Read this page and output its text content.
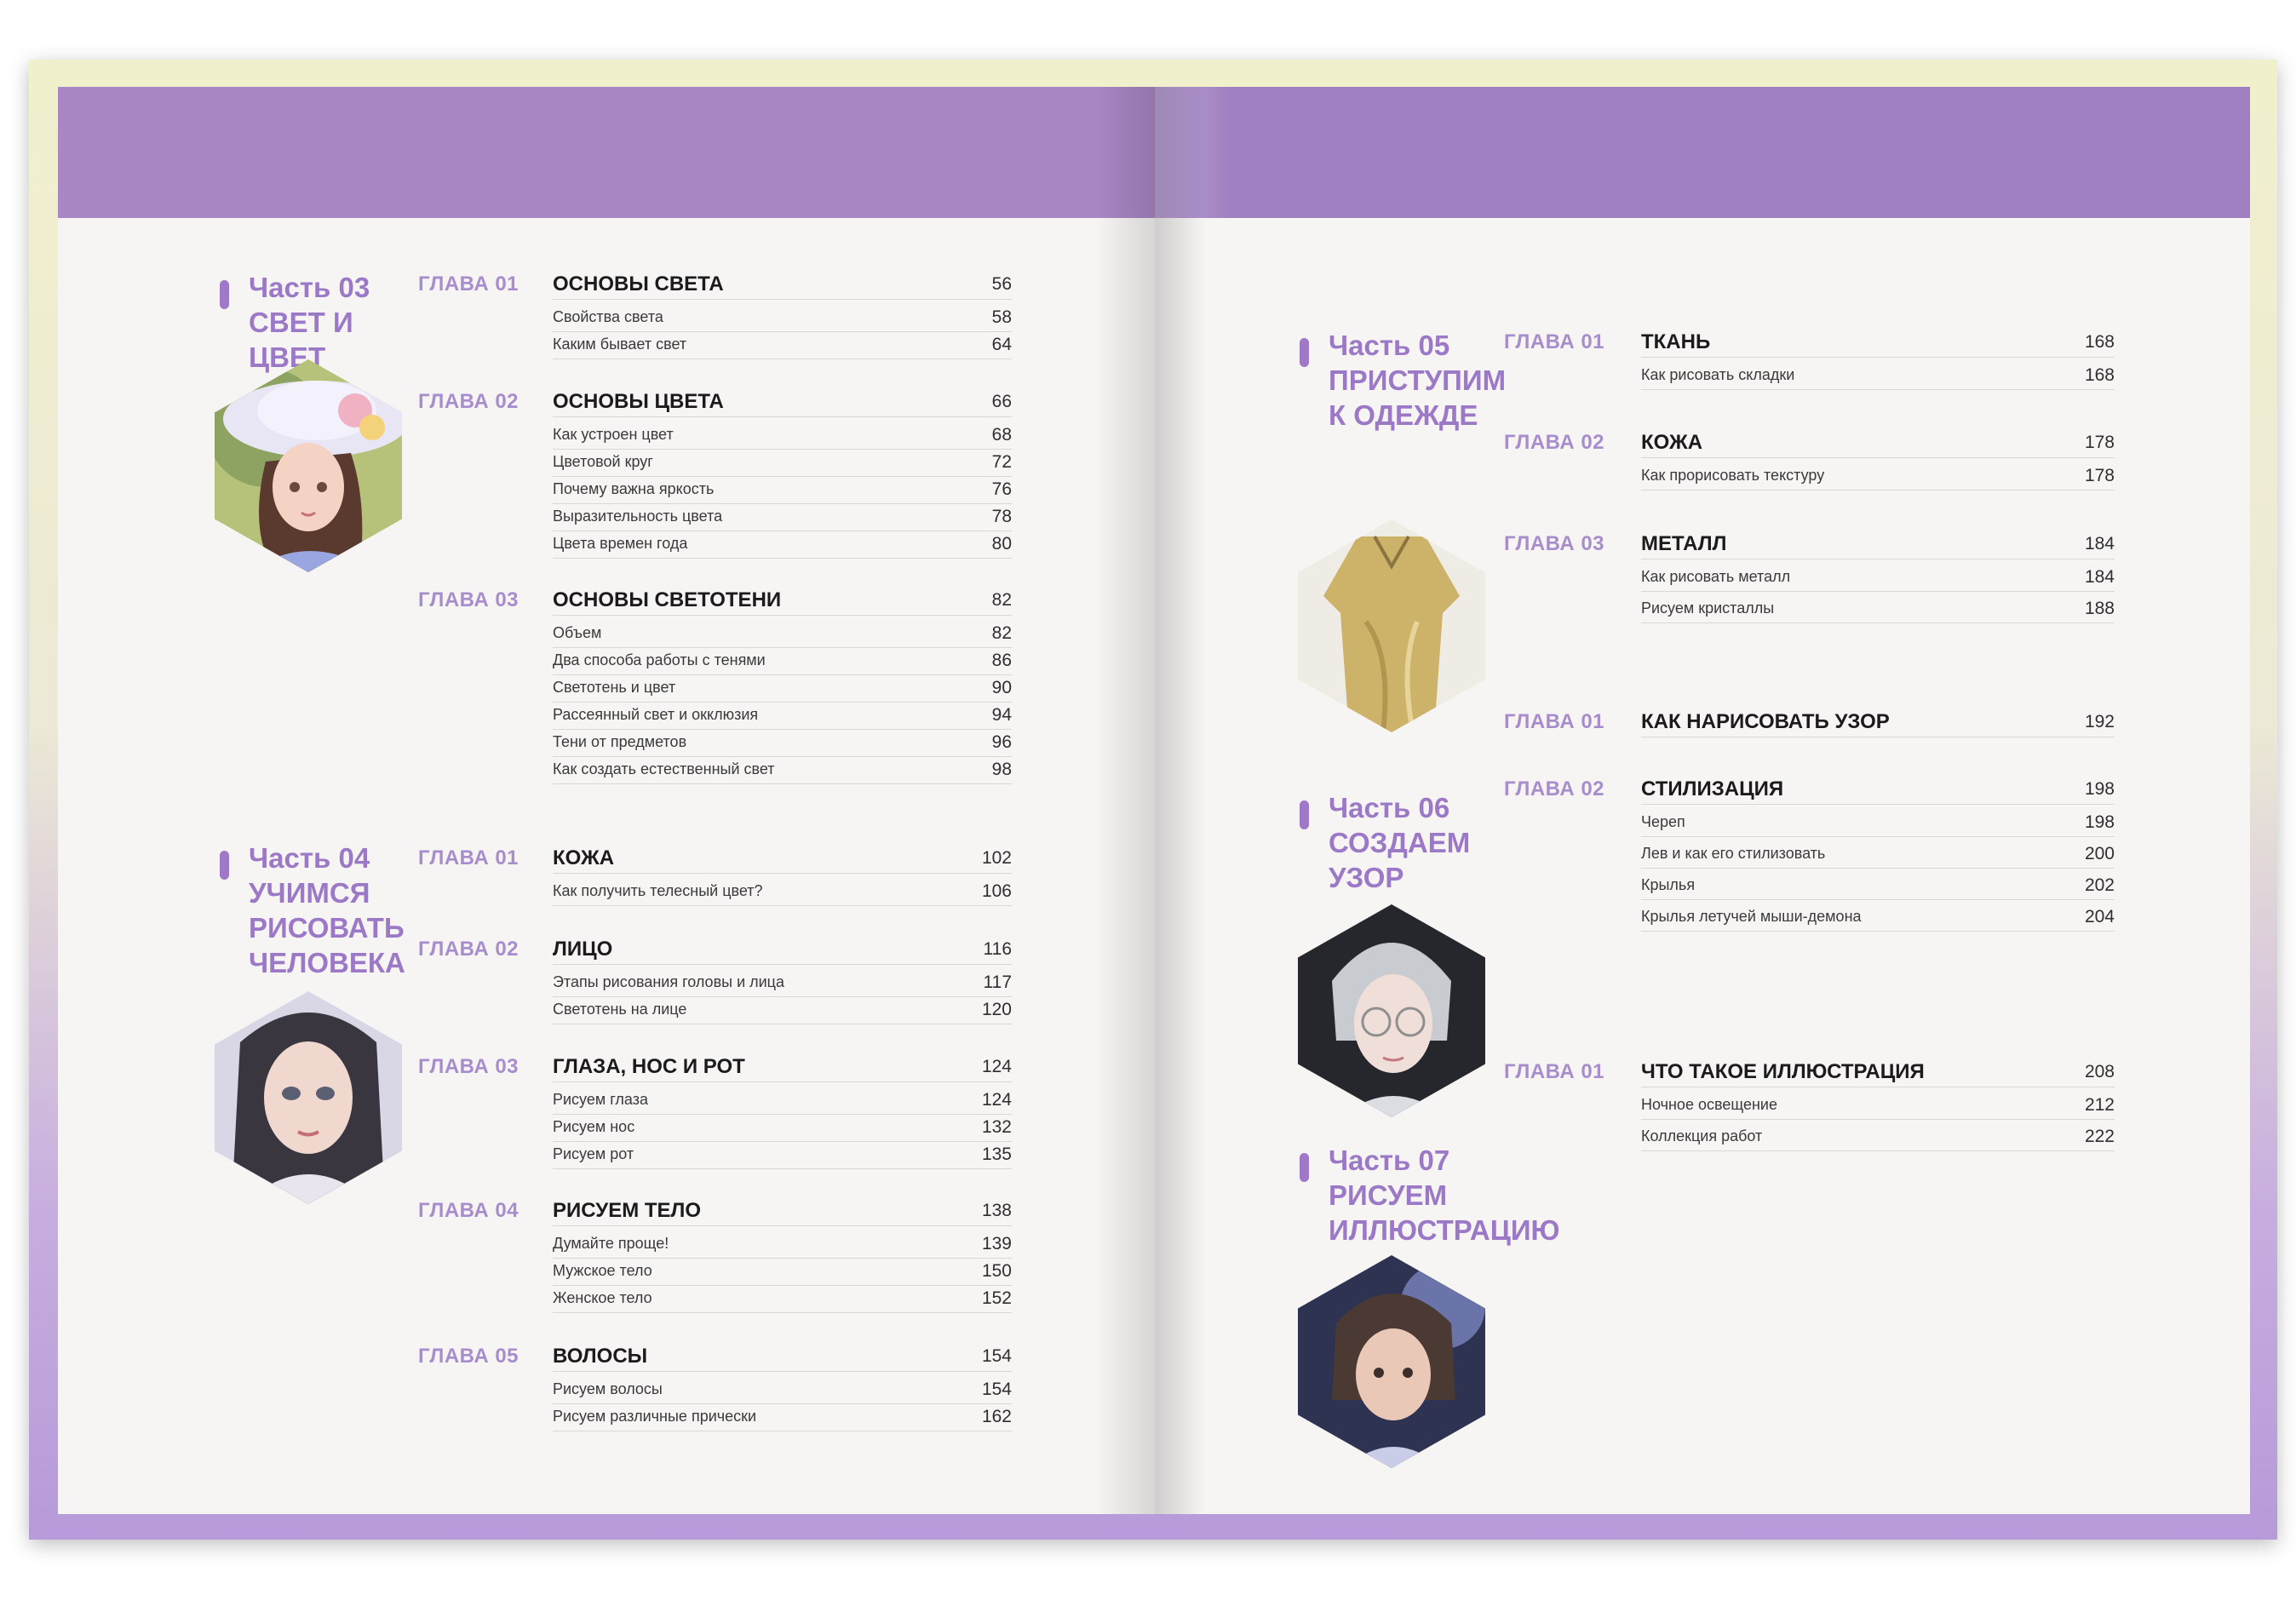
Часть 03
СВЕТ И ЦВЕТ
Часть 04
УЧИМСЯ
РИСОВАТЬ
ЧЕЛОВЕКА
ГЛАВА 01 ОСНОВЫ СВЕТА	56
Свойства света	58
Каким бывает свет	64
ГЛАВА 02 ОСНОВЫ ЦВЕТА	66
Как устроен цвет	68
Цветовой круг	72
Почему важна яркость	76
Выразительность цвета	78
Цвета времен года	80
ГЛАВА 03 ОСНОВЫ СВЕТОТЕНИ	82
Объем	82
Два способа работы с тенями	86
Светотень и цвет	90
Рассеянный свет и окклюзия	94
Тени от предметов	96
Как создать естественный свет	98
ГЛАВА 01 КОЖА	102
Как получить телесный цвет?	106
ГЛАВА 02 ЛИЦО	116
Этапы рисования головы и лица	117
Светотень на лице	120
ГЛАВА 03 ГЛАЗА, НОС И РОТ	124
Рисуем глаза	124
Рисуем нос	132
Рисуем рот	135
ГЛАВА 04 РИСУЕМ ТЕЛО	138
Думайте проще!	139
Мужское тело	150
Женское тело	152
ГЛАВА 05 ВОЛОСЫ	154
Рисуем волосы	154
Рисуем различные прически	162
Часть 05
ПРИСТУПИМ
К ОДЕЖДЕ
Часть 06
СОЗДАЕМ
УЗОР
Часть 07
РИСУЕМ
ИЛЛЮСТРАЦИЮ
ГЛАВА 01 ТКАНЬ	168
Как рисовать складки	168
ГЛАВА 02 КОЖА	178
Как прорисовать текстуру	178
ГЛАВА 03 МЕТАЛЛ	184
Как рисовать металл	184
Рисуем кристаллы	188
ГЛАВА 01 КАК НАРИСОВАТЬ УЗОР	192
ГЛАВА 02 СТИЛИЗАЦИЯ	198
Череп	198
Лев и как его стилизовать	200
Крылья	202
Крылья летучей мыши-демона	204
ГЛАВА 01 ЧТО ТАКОЕ ИЛЛЮСТРАЦИЯ	208
Ночное освещение	212
Коллекция работ	222
